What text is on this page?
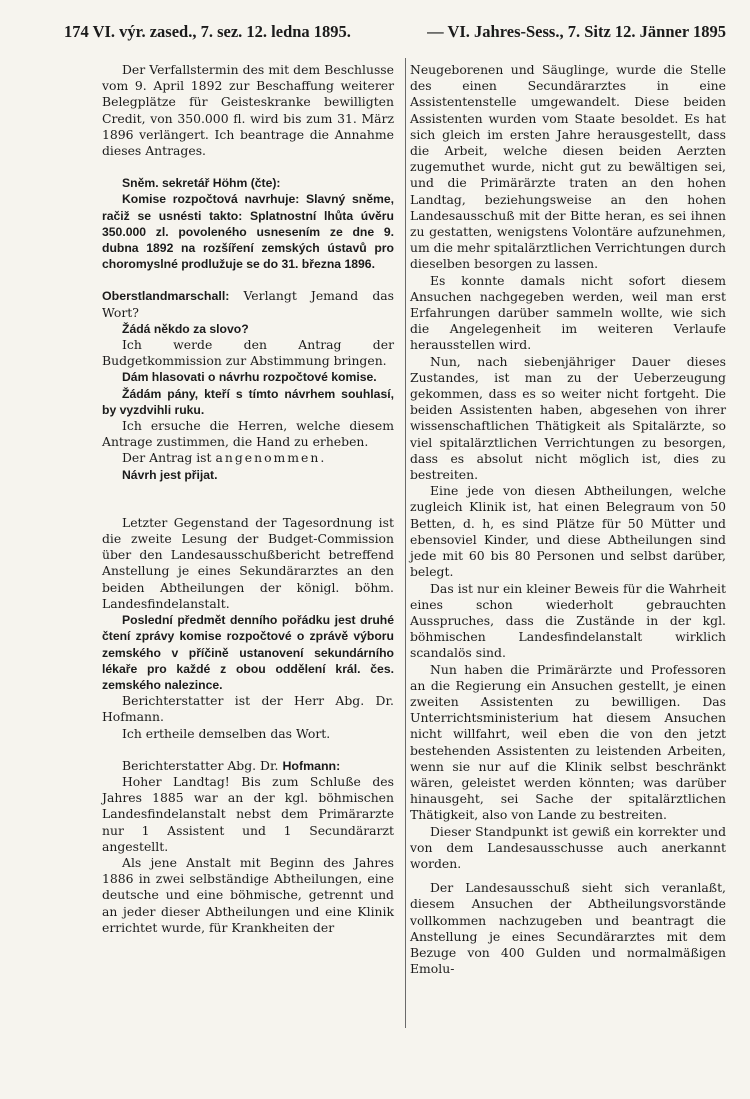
174 VI. výr. zased., 7. sez. 12. ledna 1895.	— VI. Jahres-Sess., 7. Sitz 12. Jänner 1895

Der Verfallstermin des mit dem Beschlusse vom 9. April 1892 zur Beschaffung weiterer Belegplätze für Geisteskranke bewilligten Credit, von 350.000 fl. wird bis zum 31. März 1896 verlängert. Ich beantrage die Annahme dieses Antrages.

Sněm. sekretář Höhm (čte):

Komise rozpočtová navrhuje: Slavný sněme, račiž se usnésti takto: Splatnostní lhůta úvěru 350.000 zl. povoleného usnesením ze dne 9. dubna 1892 na rozšíření zemských ústavů pro choromyslné prodlužuje se do 31. března 1896.

Oberstlandmarschall: Verlangt Jemand das Wort?

Žádá někdo za slovo?

Ich werde den Antrag der Budgetkommission zur Abstimmung bringen.

Dám hlasovati o návrhu rozpočtové komise.

Žádám pány, kteří s tímto návrhem souhlasí, by vyzdvihli ruku.

Ich ersuche die Herren, welche diesem Antrage zustimmen, die Hand zu erheben.

Der Antrag ist angenommen.

Návrh jest přijat.

Letzter Gegenstand der Tagesordnung ist die zweite Lesung der Budget-Commission über den Landesausschußbericht betreffend Anstellung je eines Sekundärarztes an den beiden Abtheilungen der königl. böhm. Landesfindelanstalt.

Poslední předmět denního pořádku jest druhé čtení zprávy komise rozpočtové o zprávě výboru zemského v příčině ustanovení sekundárního lékaře pro každé z obou oddělení král. čes. zemského nalezince.

Berichterstatter ist der Herr Abg. Dr. Hofmann.

Ich ertheile demselben das Wort.

Berichterstatter Abg. Dr. Hofmann:

Hoher Landtag! Bis zum Schluße des Jahres 1885 war an der kgl. böhmischen Landesfindelanstalt nebst dem Primärarzte nur 1 Assistent und 1 Secundärarzt angestellt.

Als jene Anstalt mit Beginn des Jahres 1886 in zwei selbständige Abtheilungen, eine deutsche und eine böhmische, getrennt und an jeder dieser Abtheilungen und eine Klinik errichtet wurde, für Krankheiten der

Neugeborenen und Säuglinge, wurde die Stelle des einen Secundärarztes in eine Assistentenstelle umgewandelt. Diese beiden Assistenten wurden vom Staate besoldet. Es hat sich gleich im ersten Jahre herausgestellt, dass die Arbeit, welche diesen beiden Aerzten zugemuthet wurde, nicht gut zu bewältigen sei, und die Primärärzte traten an den hohen Landtag, beziehungsweise an den hohen Landesausschuß mit der Bitte heran, es sei ihnen zu gestatten, wenigstens Volontäre aufzunehmen, um die mehr spitalärztlichen Verrichtungen durch dieselben besorgen zu lassen.

Es konnte damals nicht sofort diesem Ansuchen nachgegeben werden, weil man erst Erfahrungen darüber sammeln wollte, wie sich die Angelegenheit im weiteren Verlaufe herausstellen wird.

Nun, nach siebenjähriger Dauer dieses Zustandes, ist man zu der Ueberzeugung gekommen, dass es so weiter nicht fortgeht. Die beiden Assistenten haben, abgesehen von ihrer wissenschaftlichen Thätigkeit als Spitalärzte, so viel spitalärztlichen Verrichtungen zu besorgen, dass es absolut nicht möglich ist, dies zu bestreiten.

Eine jede von diesen Abtheilungen, welche zugleich Klinik ist, hat einen Belegraum von 50 Betten, d. h, es sind Plätze für 50 Mütter und ebensoviel Kinder, und diese Abtheilungen sind jede mit 60 bis 80 Personen und selbst darüber, belegt.

Das ist nur ein kleiner Beweis für die Wahrheit eines schon wiederholt gebrauchten Ausspruches, dass die Zustände in der kgl. böhmischen Landesfindelanstalt wirklich scandalös sind.

Nun haben die Primärärzte und Professoren an die Regierung ein Ansuchen gestellt, je einen zweiten Assistenten zu bewilligen. Das Unterrichtsministerium hat diesem Ansuchen nicht willfahrt, weil eben die von den jetzt bestehenden Assistenten zu leistenden Arbeiten, wenn sie nur auf die Klinik selbst beschränkt wären, geleistet werden könnten; was darüber hinausgeht, sei Sache der spitalärztlichen Thätigkeit, also von Lande zu bestreiten.

Dieser Standpunkt ist gewiß ein korrekter und von dem Landesausschusse auch anerkannt worden.

Der Landesausschuß sieht sich veranlaßt, diesem Ansuchen der Abtheilungsvorstände vollkommen nachzugeben und beantragt die Anstellung je eines Secundärarztes mit dem Bezuge von 400 Gulden und normalmäßigen Emolu-
